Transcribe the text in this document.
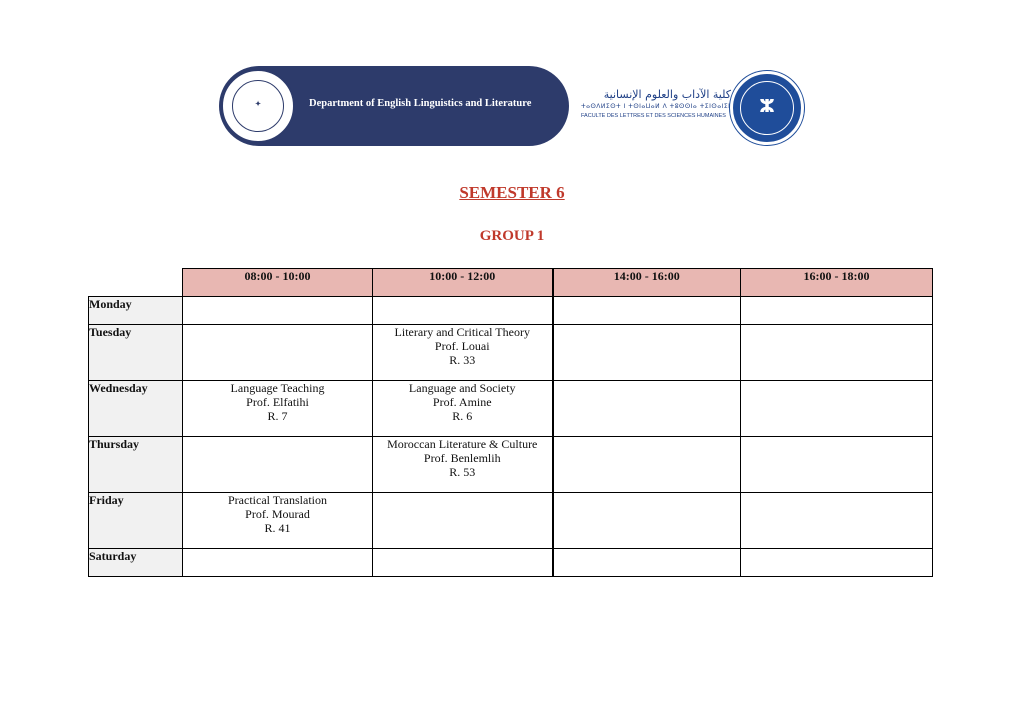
✦	Department of English Linguistics and Literature
كلية الآداب والعلوم الإنسانية
ⵜⴰⵙⴷⵍⵉⵙⵜ ⵏ ⵜⵙⵏⴰⵡⴰⵍ ⴷ ⵜⵓⵙⵙⵏⴰ ⵜⵉⵏⵙⴰⵏⵉⵏ
FACULTE DES LETTRES ET DES SCIENCES HUMAINES	ⵣ
SEMESTER 6
GROUP 1
	08:00 - 10:00	10:00 - 12:00	14:00 - 16:00	16:00 - 18:00
Monday				
Tuesday		Literary and Critical Theory
Prof. Louai
R. 33		

Wednesday	Language Teaching
Prof. Elfatihi
R. 7	Language and Society
Prof. Amine
R. 6		

Thursday		Moroccan Literature & Culture
Prof. Benlemlih
R. 53		

Friday	Practical Translation
Prof. Mourad
R. 41			

Saturday				
